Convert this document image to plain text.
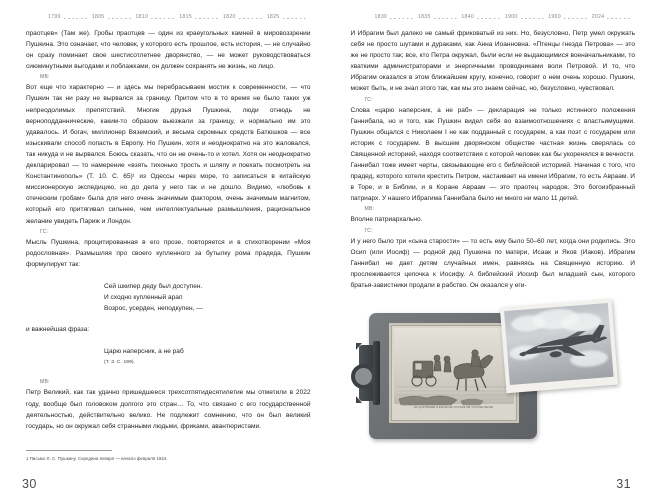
1799	1805	1810	1815	1820	1825

праотцев» (Там же). Гробы праотцев — один из краеугольных камней в мировоззрении Пушкина. Это означает, что человек, у которого есть прошлое, есть история, — не случайно он сразу поминает свое шестисотлетнее дворянство, — не может руководствоваться сиюминутными выгодами и поблажками, он должен сохранять не жизнь, но лицо.

МВ:

Вот еще что характерно — и здесь мы перебрасываем мостик к современности, — что Пушкин так ни разу не вырвался за границу. Притом что в то время не было таких уж непреодолимых препятствий. Многие друзья Пушкина, люди отнюдь не верноподданнические, каким-то образом выезжали за границу, и нормально им это удавалось. И богач, миллионер Вяземский, и весьма скромных средств Батюшков — все изыскивали способ попасть в Европу. Но Пушкин, хотя и неоднократно на это жаловался, так никуда и не вырвался. Боюсь сказать, что он не очень-то и хотел. Хотя он неоднократно декларировал — то намерение «взять тихонько трость и шляпу и поехать посмотреть на Константинополь» (Т. 10. С. 65)¹ из Одессы через море, то записаться в китайскую миссионерскую экспедицию, но до дела у него так и не дошло. Видимо, «любовь к отеческим гробам» была для него очень значимым фактором, очень значимым магнитом, который его притягивал сильнее, чем интеллектуальные размышления, рациональное желание увидеть Париж и Лондон.

ГС:

Мысль Пушкина, процитированная в его прозе, повторяется и в стихотворении «Моя родословная». Размышляя про своего купленного за бутылку рома прадеда, Пушкин формулирует так:

Сей шкипер деду был доступен.
И сходно купленный арап
Возрос, усерден, неподкупен, —

и важнейшая фраза:

Царю наперсник, а не раб
(Т. 3. С. 199).
МВ:

Петр Великий, как так удачно пришедшееся трехсотпятидесятилетие мы отметили в 2022 году, вообще был головоком долгого это стран… То, что связано с его государственной деятельностью, действительно велико. Не подлежит сомнению, что он был великий государь, но он окружал себя странными людьми, фриками, авантюристами.

1 Письмо Л. С. Пушкину. Середина января — начало февраля 1824.
30
1830	1835	1840	1900	1960	2024

И Ибрагим был далеко не самый фриковатый из них. Но, безусловно, Петр умел окружать себя не просто шутами и дураками, как Анна Иоанновна. «Птенцы гнезда Петрова» — это же не просто так; все, кто Петра окружал, были если не выдающимися военачальниками, то хваткими администраторами и энергичными проводниками воли Петровой. И то, что Ибрагим оказался в этом ближайшем кругу, конечно, говорит о нем очень хорошо. Пушкин, может быть, и не знал этого так, как мы это знаем сейчас, но, безусловно, чувствовал.

ГС:

Слова «царю наперсник, а не раб» — декларация не только истинного положения Ганнибала, но и того, как Пушкин видел себя во взаимоотношениях с властьимущими. Пушкин общался с Николаем I не как подданный с государем, а как поэт с государем или историк с государем. В высшем дворянском обществе частная жизнь сверялась со Священной историей, находя соответствия с которой человек как бы укоренялся в вечности. Ганнибал тоже имеет черты, связывающие его с библейской историей. Начиная с того, что прадед, которого хотели крестить Петром, настаивает на имени Ибрагим, то есть Авраам. И в Торе, и в Библии, и в Коране Авраам — это праотец народов. Это богоизбранный патриарх. У нашего Ибрагима Ганнибала было ни много ни мало 11 детей.

МВ:

Вполне патриархально.

ГС:

И у него было три «сына старости» — то есть ему было 50–60 лет, когда они родились. Это Осип (или Иосиф) — родной дед Пушкина по матери, Исаак и Яков (Иаков). Ибрагим Ганнибал не дает детям случайных имен, равняясь на Священную историю. И прослеживается цепочка к Иосифу. А библейский Иосиф был младший сын, которого братья-завистники продали в рабство. Он оказался у еги-

LE QUATRIÈME D'ENVIE DE VOYAGE DE VOYAGE REINE
31
